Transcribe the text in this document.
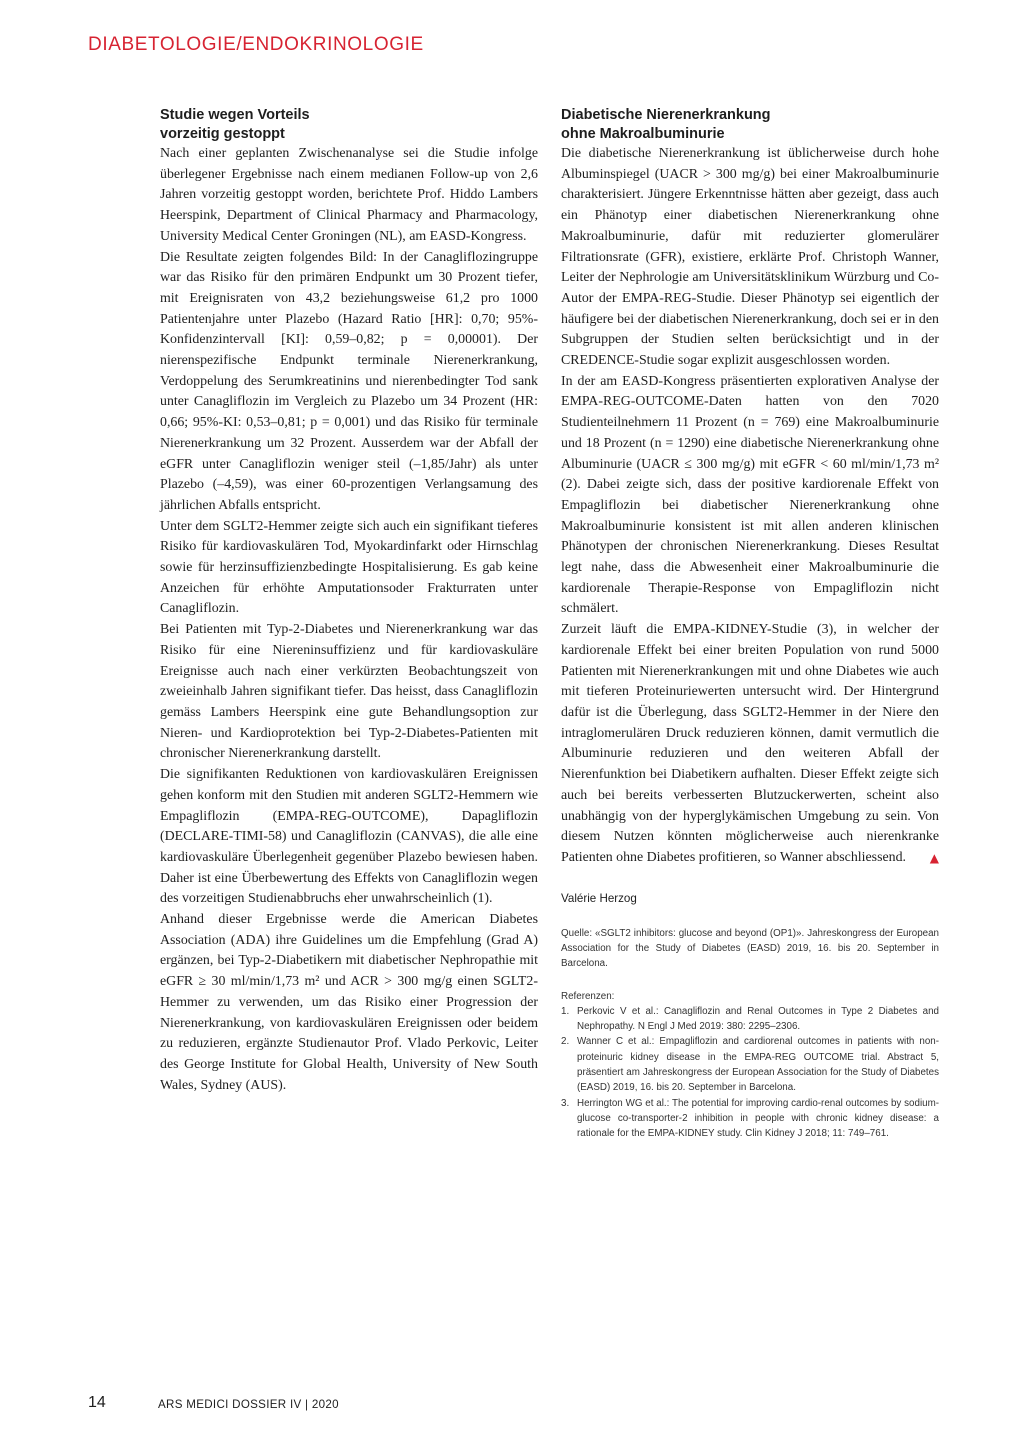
DIABETOLOGIE/ENDOKRINOLOGIE
Studie wegen Vorteils
vorzeitig gestoppt

Nach einer geplanten Zwischenanalyse sei die Studie infolge überlegener Ergebnisse nach einem medianen Follow-up von 2,6 Jahren vorzeitig gestoppt worden, berichtete Prof. Hiddo Lambers Heerspink, Department of Clinical Pharmacy and Pharmacology, University Medical Center Groningen (NL), am EASD-Kongress.

Die Resultate zeigten folgendes Bild: In der Canagliflozingruppe war das Risiko für den primären Endpunkt um 30 Prozent tiefer, mit Ereignisraten von 43,2 beziehungsweise 61,2 pro 1000 Patientenjahre unter Plazebo (Hazard Ratio [HR]: 0,70; 95%-Konfidenzintervall [KI]: 0,59–0,82; p = 0,00001). Der nierenspezifische Endpunkt terminale Nierenerkrankung, Verdoppelung des Serumkreatinins und nierenbedingter Tod sank unter Canagliflozin im Vergleich zu Plazebo um 34 Prozent (HR: 0,66; 95%-KI: 0,53–0,81; p = 0,001) und das Risiko für terminale Nierenerkrankung um 32 Prozent. Ausserdem war der Abfall der eGFR unter Canagliflozin weniger steil (–1,85/Jahr) als unter Plazebo (–4,59), was einer 60-prozentigen Verlangsamung des jährlichen Abfalls entspricht.

Unter dem SGLT2-Hemmer zeigte sich auch ein signifikant tieferes Risiko für kardiovaskulären Tod, Myokardinfarkt oder Hirnschlag sowie für herzinsuffizienzbedingte Hospitalisierung. Es gab keine Anzeichen für erhöhte Amputationsoder Frakturraten unter Canagliflozin.

Bei Patienten mit Typ-2-Diabetes und Nierenerkrankung war das Risiko für eine Niereninsuffizienz und für kardiovaskuläre Ereignisse auch nach einer verkürzten Beobachtungszeit von zweieinhalb Jahren signifikant tiefer. Das heisst, dass Canagliflozin gemäss Lambers Heerspink eine gute Behandlungsoption zur Nieren- und Kardioprotektion bei Typ-2-Diabetes-Patienten mit chronischer Nierenerkrankung darstellt.

Die signifikanten Reduktionen von kardiovaskulären Ereignissen gehen konform mit den Studien mit anderen SGLT2-Hemmern wie Empagliflozin (EMPA-REG-OUTCOME), Dapagliflozin (DECLARE-TIMI-58) und Canagliflozin (CANVAS), die alle eine kardiovaskuläre Überlegenheit gegenüber Plazebo bewiesen haben. Daher ist eine Überbewertung des Effekts von Canagliflozin wegen des vorzeitigen Studienabbruchs eher unwahrscheinlich (1).

Anhand dieser Ergebnisse werde die American Diabetes Association (ADA) ihre Guidelines um die Empfehlung (Grad A) ergänzen, bei Typ-2-Diabetikern mit diabetischer Nephropathie mit eGFR ≥ 30 ml/min/1,73 m² und ACR > 300 mg/g einen SGLT2-Hemmer zu verwenden, um das Risiko einer Progression der Nierenerkrankung, von kardiovaskulären Ereignissen oder beidem zu reduzieren, ergänzte Studienautor Prof. Vlado Perkovic, Leiter des George Institute for Global Health, University of New South Wales, Sydney (AUS).

Diabetische Nierenerkrankung
ohne Makroalbuminurie

Die diabetische Nierenerkrankung ist üblicherweise durch hohe Albuminspiegel (UACR > 300 mg/g) bei einer Makroalbuminurie charakterisiert. Jüngere Erkenntnisse hätten aber gezeigt, dass auch ein Phänotyp einer diabetischen Nierenerkrankung ohne Makroalbuminurie, dafür mit reduzierter glomerulärer Filtrationsrate (GFR), existiere, erklärte Prof. Christoph Wanner, Leiter der Nephrologie am Universitätsklinikum Würzburg und Co-Autor der EMPA-REG-Studie. Dieser Phänotyp sei eigentlich der häufigere bei der diabetischen Nierenerkrankung, doch sei er in den Subgruppen der Studien selten berücksichtigt und in der CREDENCE-Studie sogar explizit ausgeschlossen worden.

In der am EASD-Kongress präsentierten explorativen Analyse der EMPA-REG-OUTCOME-Daten hatten von den 7020 Studienteilnehmern 11 Prozent (n = 769) eine Makroalbuminurie und 18 Prozent (n = 1290) eine diabetische Nierenerkrankung ohne Albuminurie (UACR ≤ 300 mg/g) mit eGFR < 60 ml/min/1,73 m² (2). Dabei zeigte sich, dass der positive kardiorenale Effekt von Empagliflozin bei diabetischer Nierenerkrankung ohne Makroalbuminurie konsistent ist mit allen anderen klinischen Phänotypen der chronischen Nierenerkrankung. Dieses Resultat legt nahe, dass die Abwesenheit einer Makroalbuminurie die kardiorenale Therapie-Response von Empagliflozin nicht schmälert.

Zurzeit läuft die EMPA-KIDNEY-Studie (3), in welcher der kardiorenale Effekt bei einer breiten Population von rund 5000 Patienten mit Nierenerkrankungen mit und ohne Diabetes wie auch mit tieferen Proteinuriewerten untersucht wird. Der Hintergrund dafür ist die Überlegung, dass SGLT2-Hemmer in der Niere den intraglomerulären Druck reduzieren können, damit vermutlich die Albuminurie reduzieren und den weiteren Abfall der Nierenfunktion bei Diabetikern aufhalten. Dieser Effekt zeigte sich auch bei bereits verbesserten Blutzuckerwerten, scheint also unabhängig von der hyperglykämischen Umgebung zu sein. Von diesem Nutzen könnten möglicherweise auch nierenkranke Patienten ohne Diabetes profitieren, so Wanner abschliessend. ▲

Valérie Herzog
Quelle: «SGLT2 inhibitors: glucose and beyond (OP1)». Jahreskongress der European Association for the Study of Diabetes (EASD) 2019, 16. bis 20. September in Barcelona.
Referenzen:
1. Perkovic V et al.: Canagliflozin and Renal Outcomes in Type 2 Diabetes and Nephropathy. N Engl J Med 2019: 380: 2295–2306.
2. Wanner C et al.: Empagliflozin and cardiorenal outcomes in patients with non-proteinuric kidney disease in the EMPA-REG OUTCOME trial. Abstract 5, präsentiert am Jahreskongress der European Association for the Study of Diabetes (EASD) 2019, 16. bis 20. September in Barcelona.
3. Herrington WG et al.: The potential for improving cardio-renal outcomes by sodium-glucose co-transporter-2 inhibition in people with chronic kidney disease: a rationale for the EMPA-KIDNEY study. Clin Kidney J 2018; 11: 749–761.
14	ARS MEDICI DOSSIER IV | 2020
